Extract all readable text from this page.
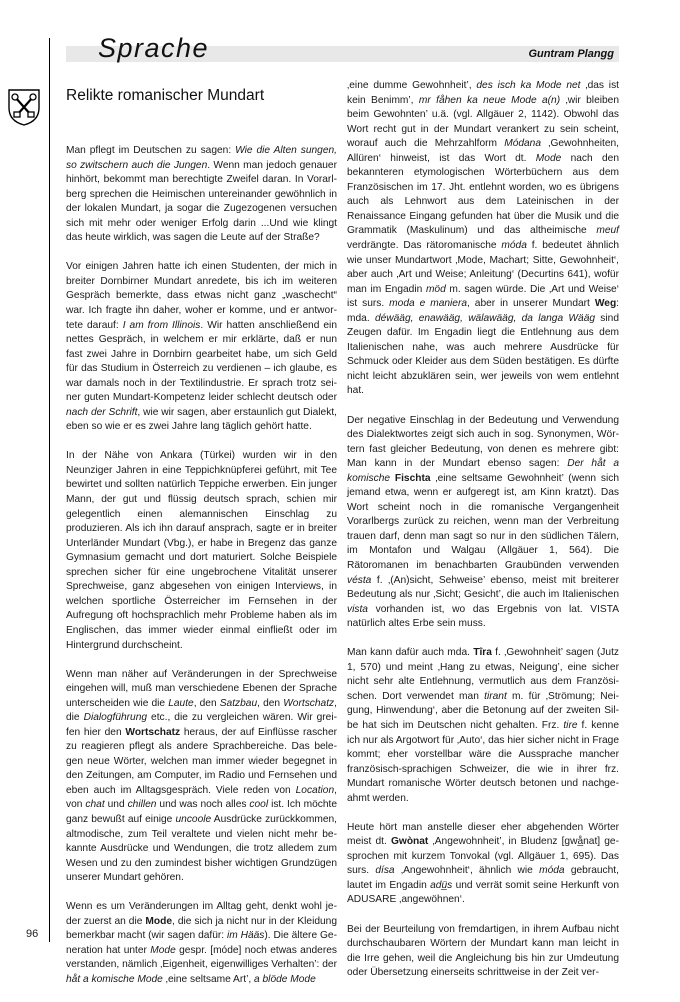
Sprache	Guntram Plangg
Relikte romanischer Mundart

Man pflegt im Deutschen zu sagen: Wie die Alten sungen, so zwitschern auch die Jungen. Wenn man jedoch genauer hinhört, bekommt man berechtigte Zweifel daran. In Vorarlberg sprechen die Heimischen untereinander gewöhnlich in der lokalen Mundart, ja sogar die Zugezogenen versuchen sich mit mehr oder weniger Erfolg darin ...Und wie klingt das heute wirklich, was sagen die Leute auf der Straße?

Vor einigen Jahren hatte ich einen Studenten, der mich in breiter Dornbirner Mundart anredete, bis ich im weiteren Gespräch bemerkte, dass etwas nicht ganz „waschecht“ war. Ich fragte ihn daher, woher er komme, und er antwortete darauf: I am from Illinois. Wir hatten anschließend ein nettes Gespräch, in welchem er mir erklärte, daß er nun fast zwei Jahre in Dornbirn gearbeitet habe, um sich Geld für das Studium in Österreich zu verdienen – ich glaube, es war damals noch in der Textilindustrie. Er sprach trotz seiner guten Mundart-Kompetenz leider schlecht deutsch oder nach der Schrift, wie wir sagen, aber erstaunlich gut Dialekt, eben so wie er es zwei Jahre lang täglich gehört hatte.

In der Nähe von Ankara (Türkei) wurden wir in den Neunziger Jahren in eine Teppichknüpferei geführt, mit Tee bewirtet und sollten natürlich Teppiche erwerben. Ein junger Mann, der gut und flüssig deutsch sprach, schien mir gelegentlich einen alemannischen Einschlag zu produzieren. Als ich ihn darauf ansprach, sagte er in breiter Unterländer Mundart (Vbg.), er habe in Bregenz das ganze Gymnasium gemacht und dort maturiert. Solche Beispiele sprechen sicher für eine ungebrochene Vitalität unserer Sprechweise, ganz abgesehen von einigen Interviews, in welchen sportliche Österreicher im Fernsehen in der Aufregung oft hochsprachlich mehr Probleme haben als im Englischen, das immer wieder einmal einfließt oder im Hintergrund durchscheint.

Wenn man näher auf Veränderungen in der Sprechweise eingehen will, muß man verschiedene Ebenen der Sprache unterscheiden wie die Laute, den Satzbau, den Wortschatz, die Dialogführung etc., die zu vergleichen wären. Wir greifen hier den Wortschatz heraus, der auf Einflüsse rascher zu reagieren pflegt als andere Sprachbereiche. Das belegen neue Wörter, welchen man immer wieder begegnet in den Zeitungen, am Computer, im Radio und Fernsehen und eben auch im Alltagsgespräch. Viele reden von Location, von chat und chillen und was noch alles cool ist. Ich möchte ganz bewußt auf einige uncoole Ausdrücke zurückkommen, altmodische, zum Teil veraltete und vielen nicht mehr bekannte Ausdrücke und Wendungen, die trotz alledem zum Wesen und zu den zumindest bisher wichtigen Grundzügen unserer Mundart gehören.

Wenn es um Veränderungen im Alltag geht, denkt wohl jeder zuerst an die Mode, die sich ja nicht nur in der Kleidung bemerkbar macht (wir sagen dafür: im Hääs). Die ältere Generation hat unter Mode gespr. [móde] noch etwas anderes verstanden, nämlich ‚Eigenheit, eigenwilliges Verhalten’: der håt a komische Mode ‚eine seltsame Art’, a blöde Mode

‚eine dumme Gewohnheit’, des isch ka Mode net ‚das ist kein Benimm’, mr fåhen ka neue Mode a(n) ‚wir bleiben beim Gewohnten’ u.ä. (vgl. Allgäuer 2, 1142). Obwohl das Wort recht gut in der Mundart verankert zu sein scheint, worauf auch die Mehrzahlform Módana ‚Gewohnheiten, Allüren‘ hinweist, ist das Wort dt. Mode nach den bekannteren etymologischen Wörterbüchern aus dem Französischen im 17. Jht. entlehnt worden, wo es übrigens auch als Lehnwort aus dem Lateinischen in der Renaissance Eingang gefunden hat über die Musik und die Grammatik (Maskulinum) und das altheimische meuf verdrängte. Das rätoromanische móda f. bedeutet ähnlich wie unser Mundartwort ‚Mode, Machart; Sitte, Gewohnheit‘, aber auch ‚Art und Weise; Anleitung‘ (Decurtins 641), wofür man im Engadin möd m. sagen würde. Die ‚Art und Weise‘ ist surs. moda e maniera, aber in unserer Mundart Weg: mda. déwääg, enawääg, wälawääg, da langa Wääg sind Zeugen dafür. Im Engadin liegt die Entlehnung aus dem Italienischen nahe, was auch mehrere Ausdrücke für Schmuck oder Kleider aus dem Süden bestätigen. Es dürfte nicht leicht abzuklären sein, wer jeweils von wem entlehnt hat.

Der negative Einschlag in der Bedeutung und Verwendung des Dialektwortes zeigt sich auch in sog. Synonymen, Wörtern fast gleicher Bedeutung, von denen es mehrere gibt: Man kann in der Mundart ebenso sagen: Der håt a komische Fischta ‚eine seltsame Gewohnheit’ (wenn sich jemand etwa, wenn er aufgeregt ist, am Kinn kratzt). Das Wort scheint noch in die romanische Vergangenheit Vorarlbergs zurück zu reichen, wenn man der Verbreitung trauen darf, denn man sagt so nur in den südlichen Tälern, im Montafon und Walgau (Allgäuer 1, 564). Die Rätoromanen im benachbarten Graubünden verwenden vésta f. ‚(An)sicht, Sehweise’ ebenso, meist mit breiterer Bedeutung als nur ‚Sicht; Gesicht’, die auch im Italienischen vista vorhanden ist, wo das Ergebnis von lat. VISTA natürlich altes Erbe sein muss.

Man kann dafür auch mda. Tîra f. ‚Gewohnheit’ sagen (Jutz 1, 570) und meint ‚Hang zu etwas, Neigung’, eine sicher nicht sehr alte Entlehnung, vermutlich aus dem Französischen. Dort verwendet man tirant m. für ‚Strömung; Neigung, Hinwendung‘, aber die Betonung auf der zweiten Silbe hat sich im Deutschen nicht gehalten. Frz. tire f. kenne ich nur als Argotwort für ‚Auto‘, das hier sicher nicht in Frage kommt; eher vorstellbar wäre die Aussprache mancher französisch-sprachigen Schweizer, die wie in ihrer frz. Mundart romanische Wörter deutsch betonen und nachgeahmt werden.

Heute hört man anstelle dieser eher abgehenden Wörter meist dt. Gwònat ‚Angewohnheit’, in Bludenz [gwå̲nat] gesprochen mit kurzem Tonvokal (vgl. Allgäuer 1, 695). Das surs. dísa ‚Angewohnheit‘, ähnlich wie móda gebraucht, lautet im Engadin adü̲s und verrät somit seine Herkunft von ADUSARE ‚angewöhnen‘.

Bei der Beurteilung von fremdartigen, in ihrem Aufbau nicht durchschaubaren Wörtern der Mundart kann man leicht in die Irre gehen, weil die Angleichung bis hin zur Umdeutung oder Übersetzung einerseits schrittweise in der Zeit ver-

96
